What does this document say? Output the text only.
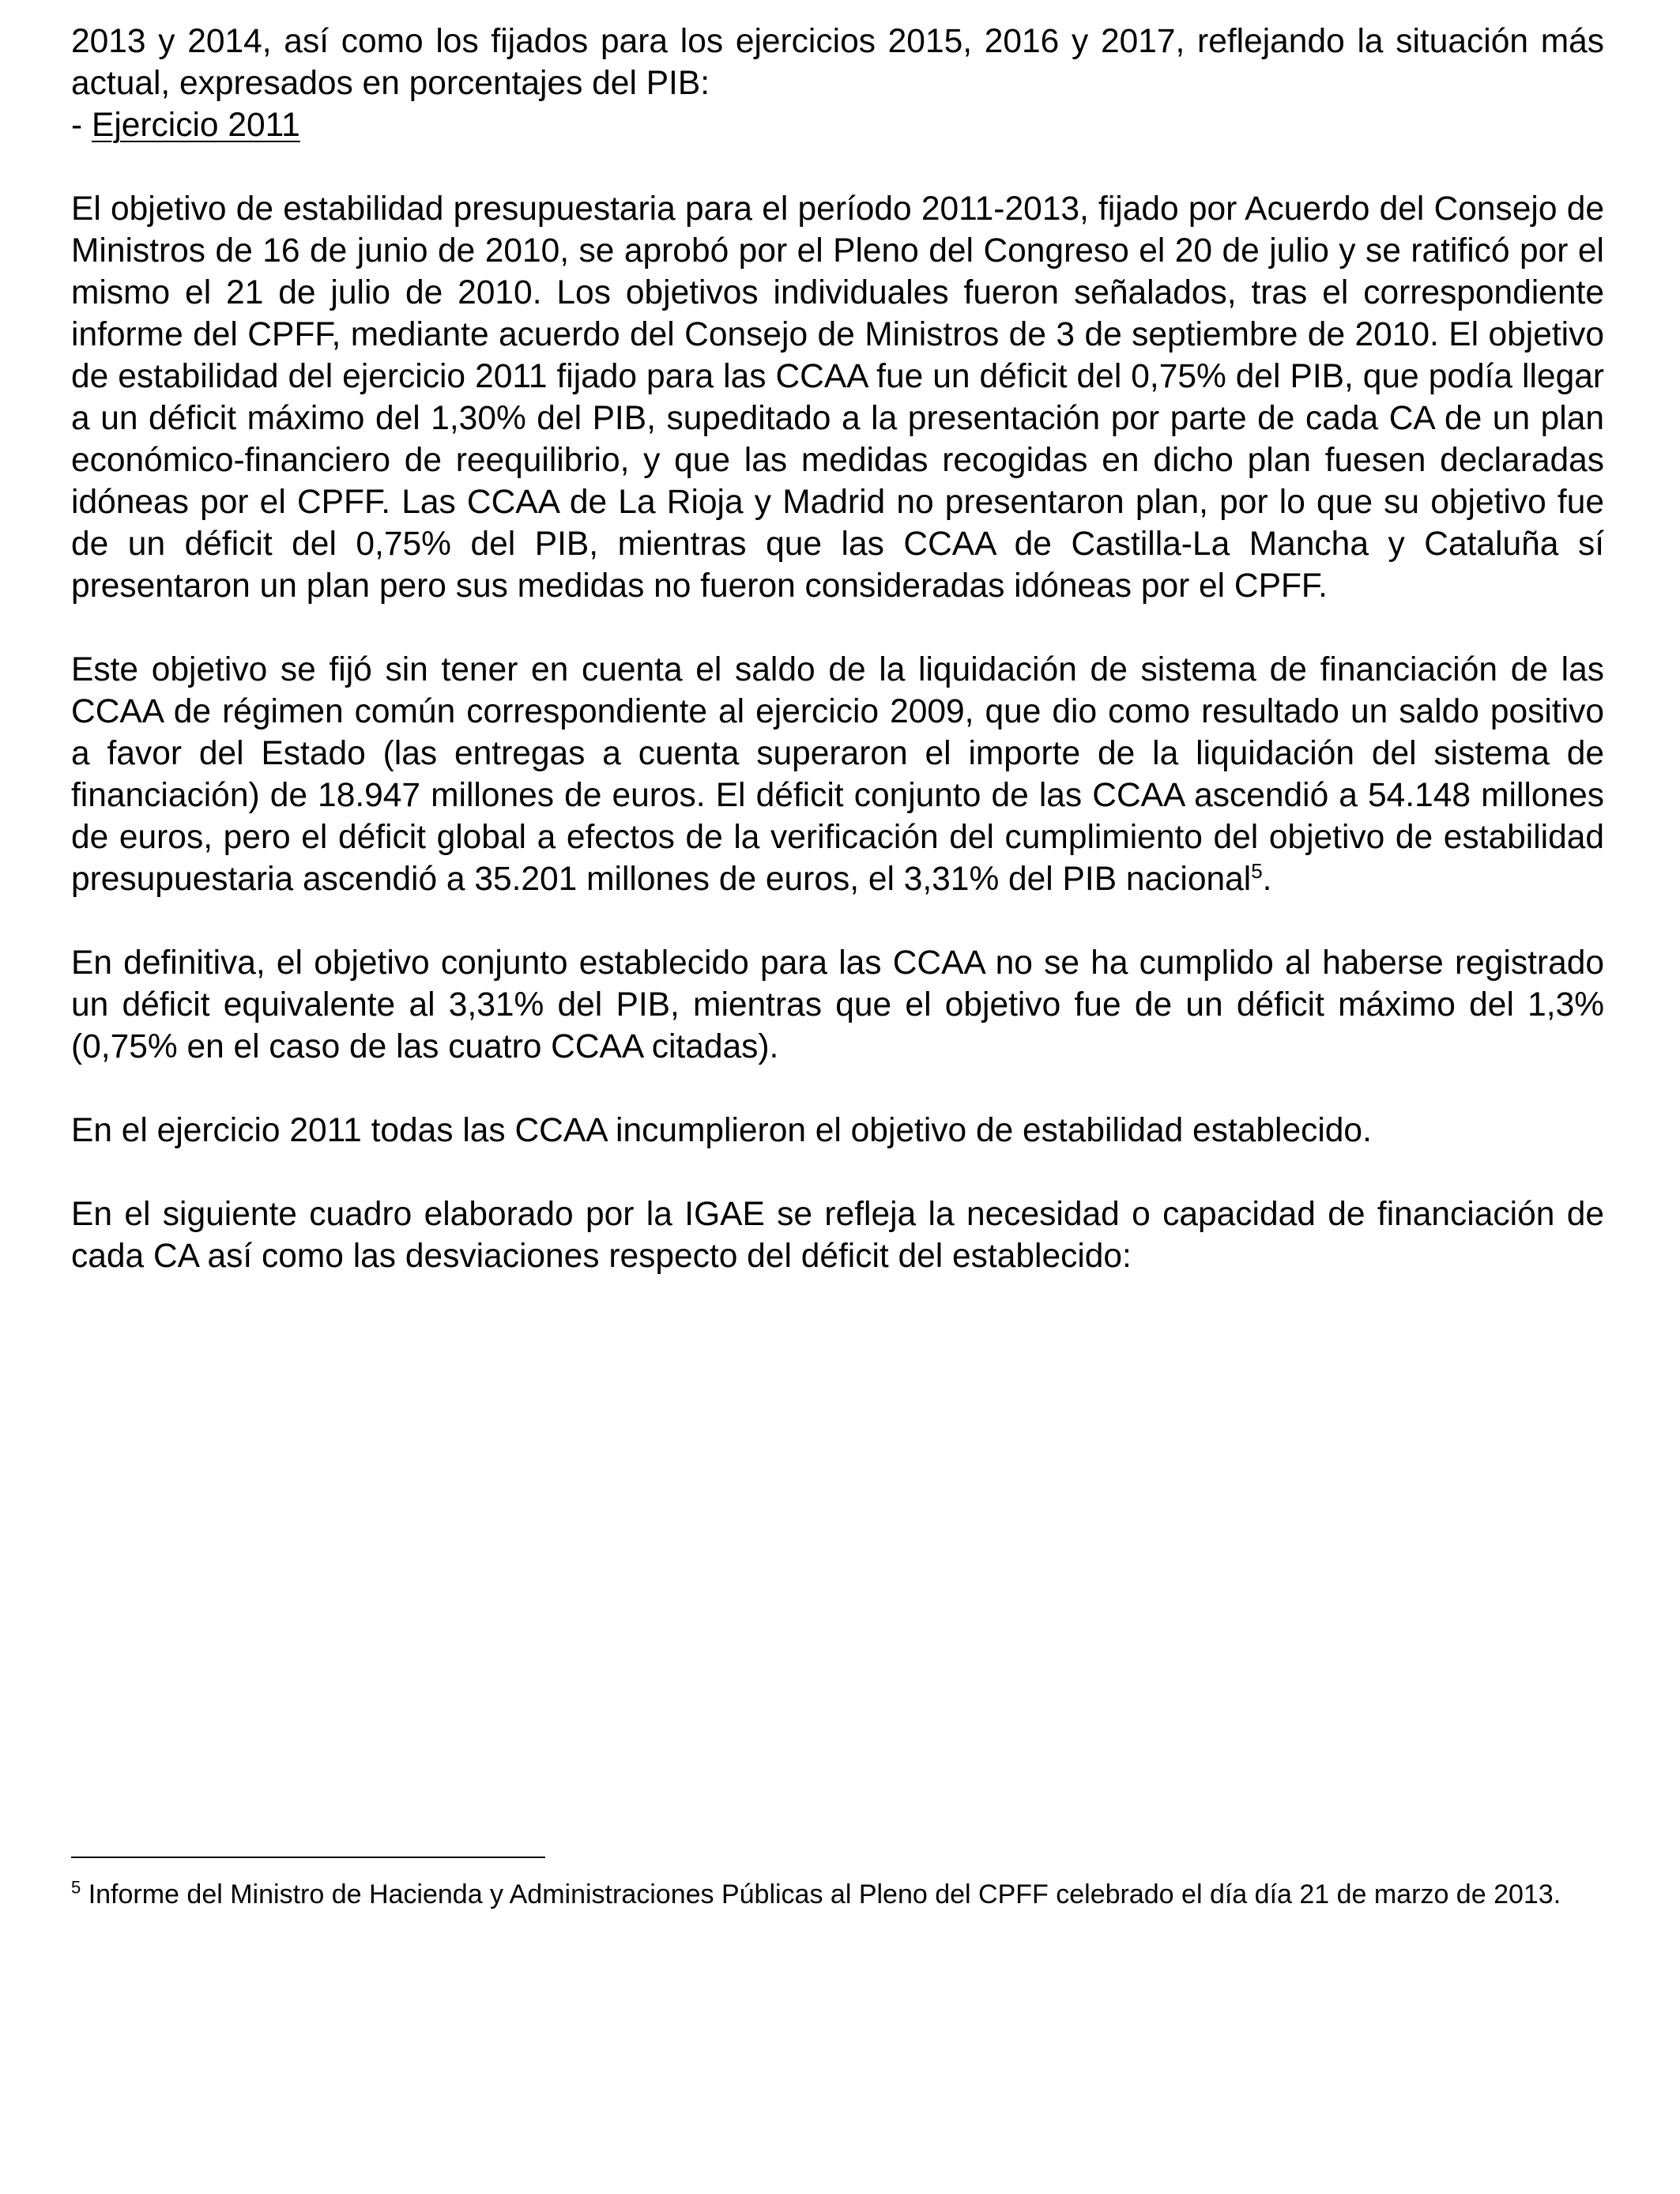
2013 y 2014, así como los fijados para los ejercicios 2015, 2016 y 2017, reflejando la situación más actual, expresados en porcentajes del PIB:

- Ejercicio 2011

El objetivo de estabilidad presupuestaria para el período 2011-2013, fijado por Acuerdo del Consejo de Ministros de 16 de junio de 2010, se aprobó por el Pleno del Congreso el 20 de julio y se ratificó por el mismo el 21 de julio de 2010. Los objetivos individuales fueron señalados, tras el correspondiente informe del CPFF, mediante acuerdo del Consejo de Ministros de 3 de septiembre de 2010. El objetivo de estabilidad del ejercicio 2011 fijado para las CCAA fue un déficit del 0,75% del PIB, que podía llegar a un déficit máximo del 1,30% del PIB, supeditado a la presentación por parte de cada CA de un plan económico-financiero de reequilibrio, y que las medidas recogidas en dicho plan fuesen declaradas idóneas por el CPFF. Las CCAA de La Rioja y Madrid no presentaron plan, por lo que su objetivo fue de un déficit del 0,75% del PIB, mientras que las CCAA de Castilla-La Mancha y Cataluña sí presentaron un plan pero sus medidas no fueron consideradas idóneas por el CPFF.

Este objetivo se fijó sin tener en cuenta el saldo de la liquidación de sistema de financiación de las CCAA de régimen común correspondiente al ejercicio 2009, que dio como resultado un saldo positivo a favor del Estado (las entregas a cuenta superaron el importe de la liquidación del sistema de financiación) de 18.947 millones de euros. El déficit conjunto de las CCAA ascendió a 54.148 millones de euros, pero el déficit global a efectos de la verificación del cumplimiento del objetivo de estabilidad presupuestaria ascendió a 35.201 millones de euros, el 3,31% del PIB nacional$^5$.

En definitiva, el objetivo conjunto establecido para las CCAA no se ha cumplido al haberse registrado un déficit equivalente al 3,31% del PIB, mientras que el objetivo fue de un déficit máximo del 1,3% (0,75% en el caso de las cuatro CCAA citadas).

En el ejercicio 2011 todas las CCAA incumplieron el objetivo de estabilidad establecido.

En el siguiente cuadro elaborado por la IGAE se refleja la necesidad o capacidad de financiación de cada CA así como las desviaciones respecto del déficit del establecido:

$^5$ Informe del Ministro de Hacienda y Administraciones Públicas al Pleno del CPFF celebrado el día día 21 de marzo de 2013.
